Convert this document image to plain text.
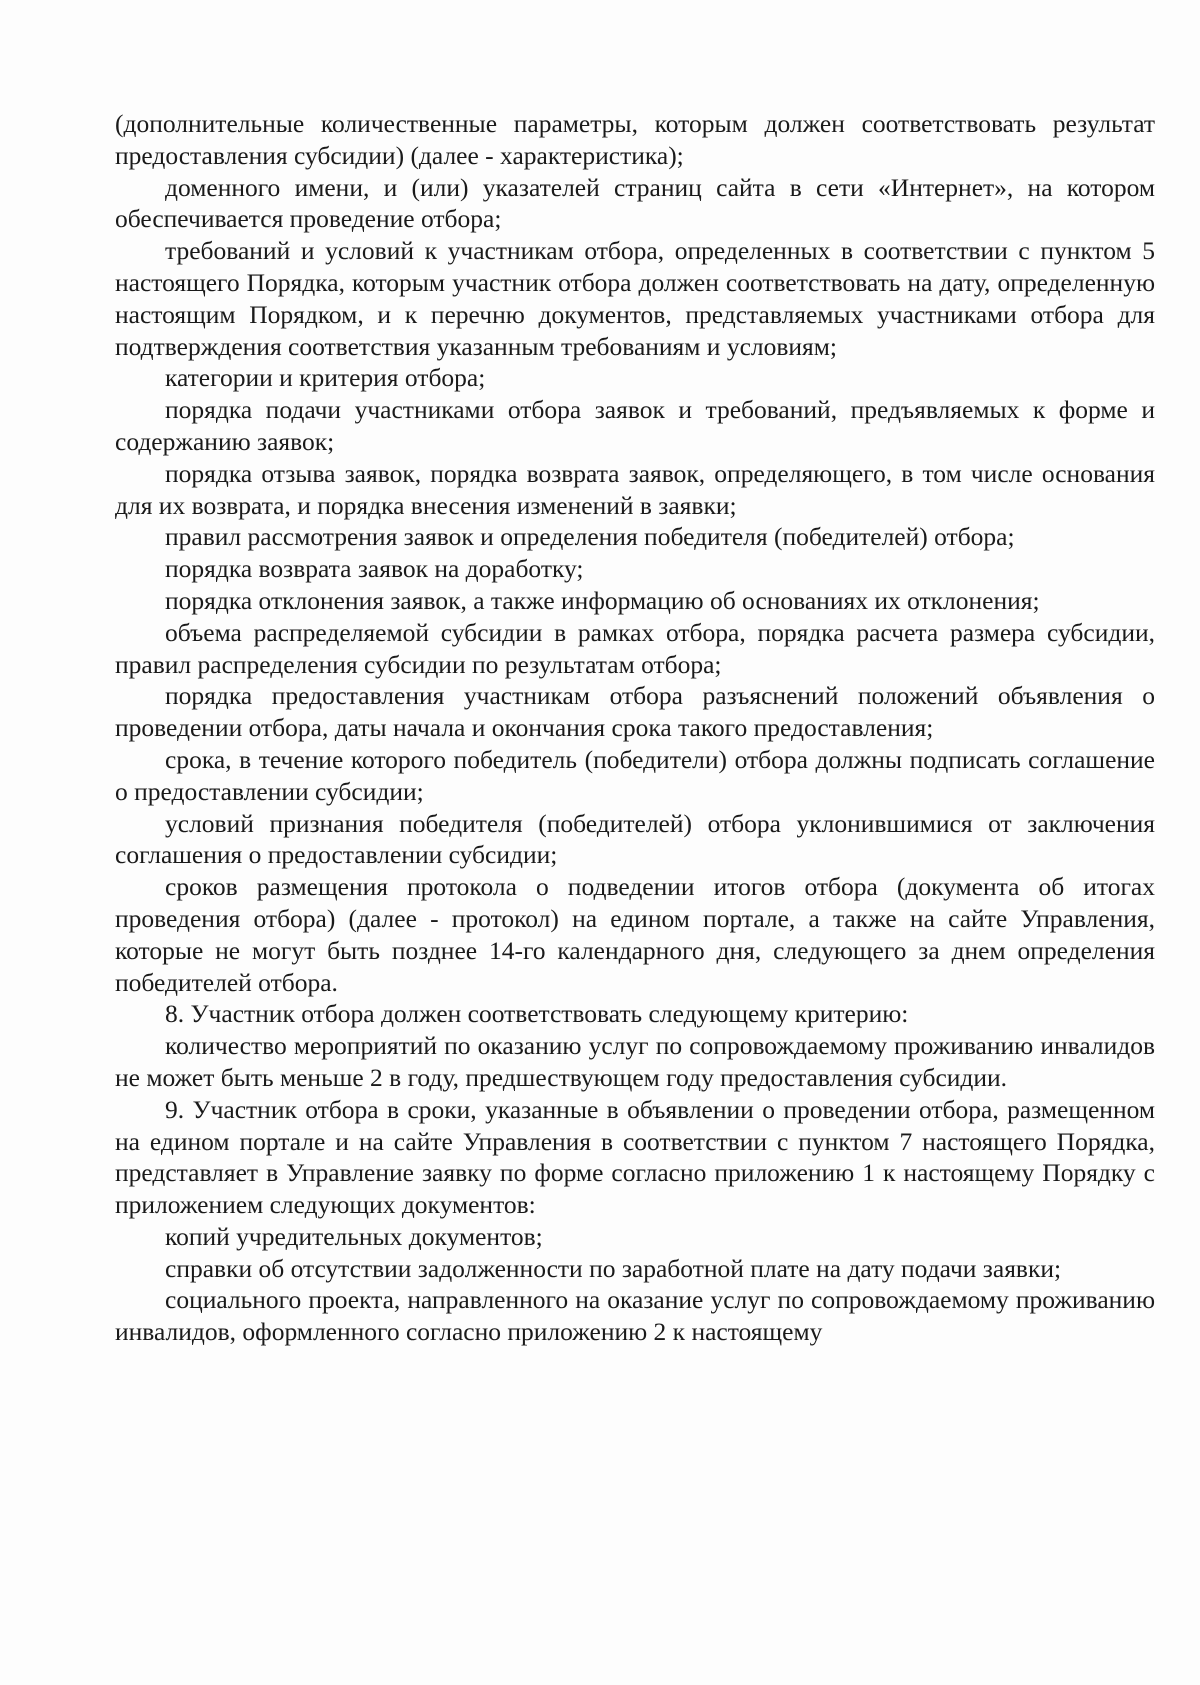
(дополнительные количественные параметры, которым должен соответствовать результат предоставления субсидии) (далее - характеристика);

доменного имени, и (или) указателей страниц сайта в сети «Интернет», на котором обеспечивается проведение отбора;

требований и условий к участникам отбора, определенных в соответствии с пунктом 5 настоящего Порядка, которым участник отбора должен соответствовать на дату, определенную настоящим Порядком, и к перечню документов, представляемых участниками отбора для подтверждения соответствия указанным требованиям и условиям;

категории и критерия отбора;

порядка подачи участниками отбора заявок и требований, предъявляемых к форме и содержанию заявок;

порядка отзыва заявок, порядка возврата заявок, определяющего, в том числе основания для их возврата, и порядка внесения изменений в заявки;

правил рассмотрения заявок и определения победителя (победителей) отбора;

порядка возврата заявок на доработку;

порядка отклонения заявок, а также информацию об основаниях их отклонения;

объема распределяемой субсидии в рамках отбора, порядка расчета размера субсидии, правил распределения субсидии по результатам отбора;

порядка предоставления участникам отбора разъяснений положений объявления о проведении отбора, даты начала и окончания срока такого предоставления;

срока, в течение которого победитель (победители) отбора должны подписать соглашение о предоставлении субсидии;

условий признания победителя (победителей) отбора уклонившимися от заключения соглашения о предоставлении субсидии;

сроков размещения протокола о подведении итогов отбора (документа об итогах проведения отбора) (далее - протокол) на едином портале, а также на сайте Управления, которые не могут быть позднее 14-го календарного дня, следующего за днем определения победителей отбора.

8. Участник отбора должен соответствовать следующему критерию:

количество мероприятий по оказанию услуг по сопровождаемому проживанию инвалидов не может быть меньше 2 в году, предшествующем году предоставления субсидии.

9. Участник отбора в сроки, указанные в объявлении о проведении отбора, размещенном на едином портале и на сайте Управления в соответствии с пунктом 7 настоящего Порядка, представляет в Управление заявку по форме согласно приложению 1 к настоящему Порядку с приложением следующих документов:

копий учредительных документов;

справки об отсутствии задолженности по заработной плате на дату подачи заявки;

социального проекта, направленного на оказание услуг по сопровождаемому проживанию инвалидов, оформленного согласно приложению 2 к настоящему
